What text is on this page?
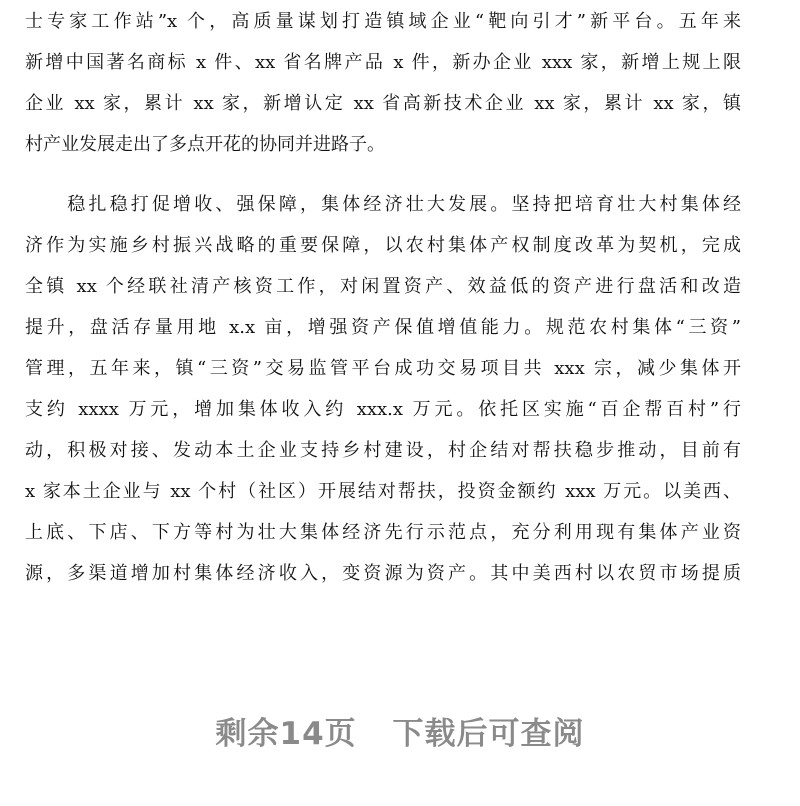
士专家工作站”x 个，高质量谋划打造镇域企业“靶向引才”新平台。五年来
新增中国著名商标 x 件、xx 省名牌产品 x 件，新办企业 xxx 家，新增上规上限
企业 xx 家，累计 xx 家，新增认定 xx 省高新技术企业 xx 家，累计 xx 家，镇
村产业发展走出了多点开花的协同并进路子。
　　稳扎稳打促增收、强保障，集体经济壮大发展。坚持把培育壮大村集体经
济作为实施乡村振兴战略的重要保障，以农村集体产权制度改革为契机，完成
全镇 xx 个经联社清产核资工作，对闲置资产、效益低的资产进行盘活和改造
提升，盘活存量用地 x.x 亩，增强资产保值增值能力。规范农村集体“三资”
管理，五年来，镇“三资”交易监管平台成功交易项目共 xxx 宗，减少集体开
支约 xxxx 万元，增加集体收入约 xxx.x 万元。依托区实施“百企帮百村”行
动，积极对接、发动本土企业支持乡村建设，村企结对帮扶稳步推动，目前有
x 家本土企业与 xx 个村（社区）开展结对帮扶，投资金额约 xxx 万元。以美西、
上底、下店、下方等村为壮大集体经济先行示范点，充分利用现有集体产业资
源，多渠道增加村集体经济收入，变资源为资产。其中美西村以农贸市场提质
剩余14页 下载后可查阅
